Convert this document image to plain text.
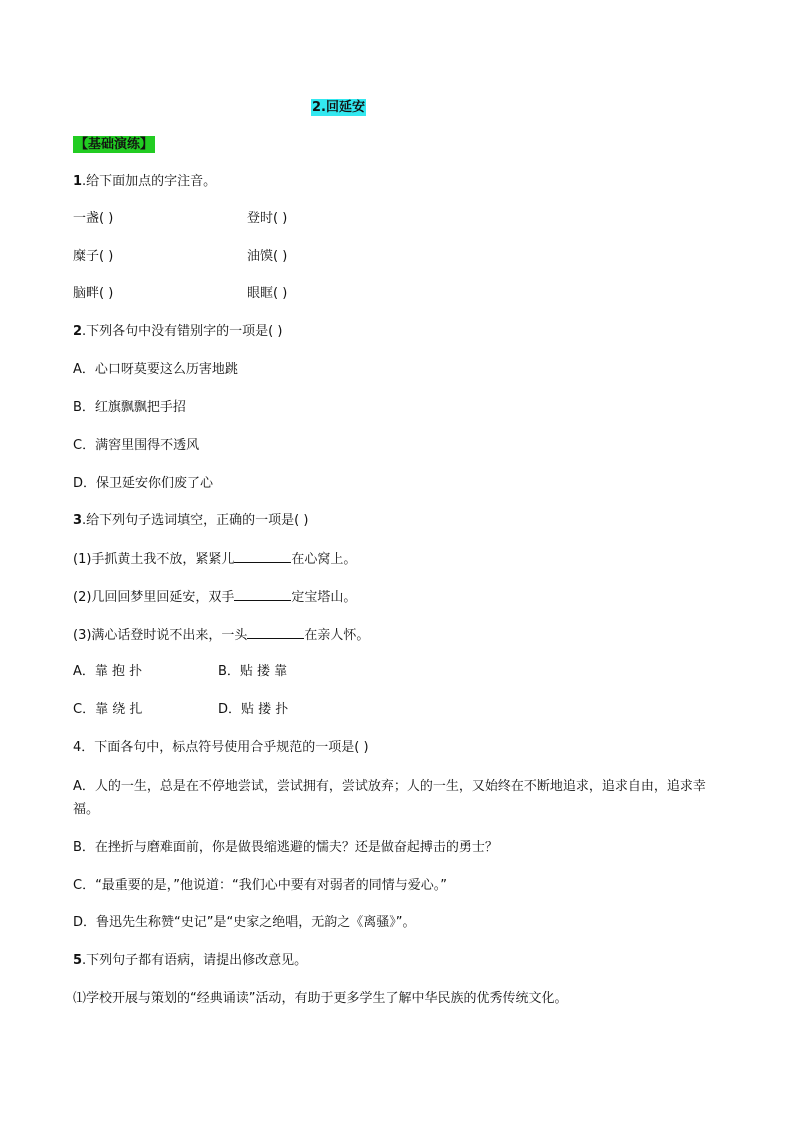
2.回延安
【基础演练】
1.给下面加点的字注音。
一盏( )	登时( )
糜子( )	油馍( )
脑畔( )	眼眶( )
2.下列各句中没有错别字的一项是( )
A．心口呀莫要这么历害地跳
B．红旗飘飘把手招
C．满窖里围得不透风
D．保卫延安你们废了心
3.给下列句子选词填空，正确的一项是( )
(1)手抓黄土我不放，紧紧儿	在心窝上。
(2)几回回梦里回延安，双手	定宝塔山。
(3)满心话登时说不出来，一头	在亲人怀。
A．靠 抱 扑	B．贴 搂 靠
C．靠 绕 扎	D．贴 搂 扑
4．下面各句中，标点符号使用合乎规范的一项是( )
A．人的一生，总是在不停地尝试，尝试拥有，尝试放弃；人的一生，又始终在不断地追求，追求自由，追求幸福。
B．在挫折与磨难面前，你是做畏缩逃避的懦夫？还是做奋起搏击的勇士？
C．“最重要的是，”他说道：“我们心中要有对弱者的同情与爱心。”
D．鲁迅先生称赞“史记”是“史家之绝唱，无韵之《离骚》”。
5.下列句子都有语病，请提出修改意见。
⑴学校开展与策划的“经典诵读”活动，有助于更多学生了解中华民族的优秀传统文化。
